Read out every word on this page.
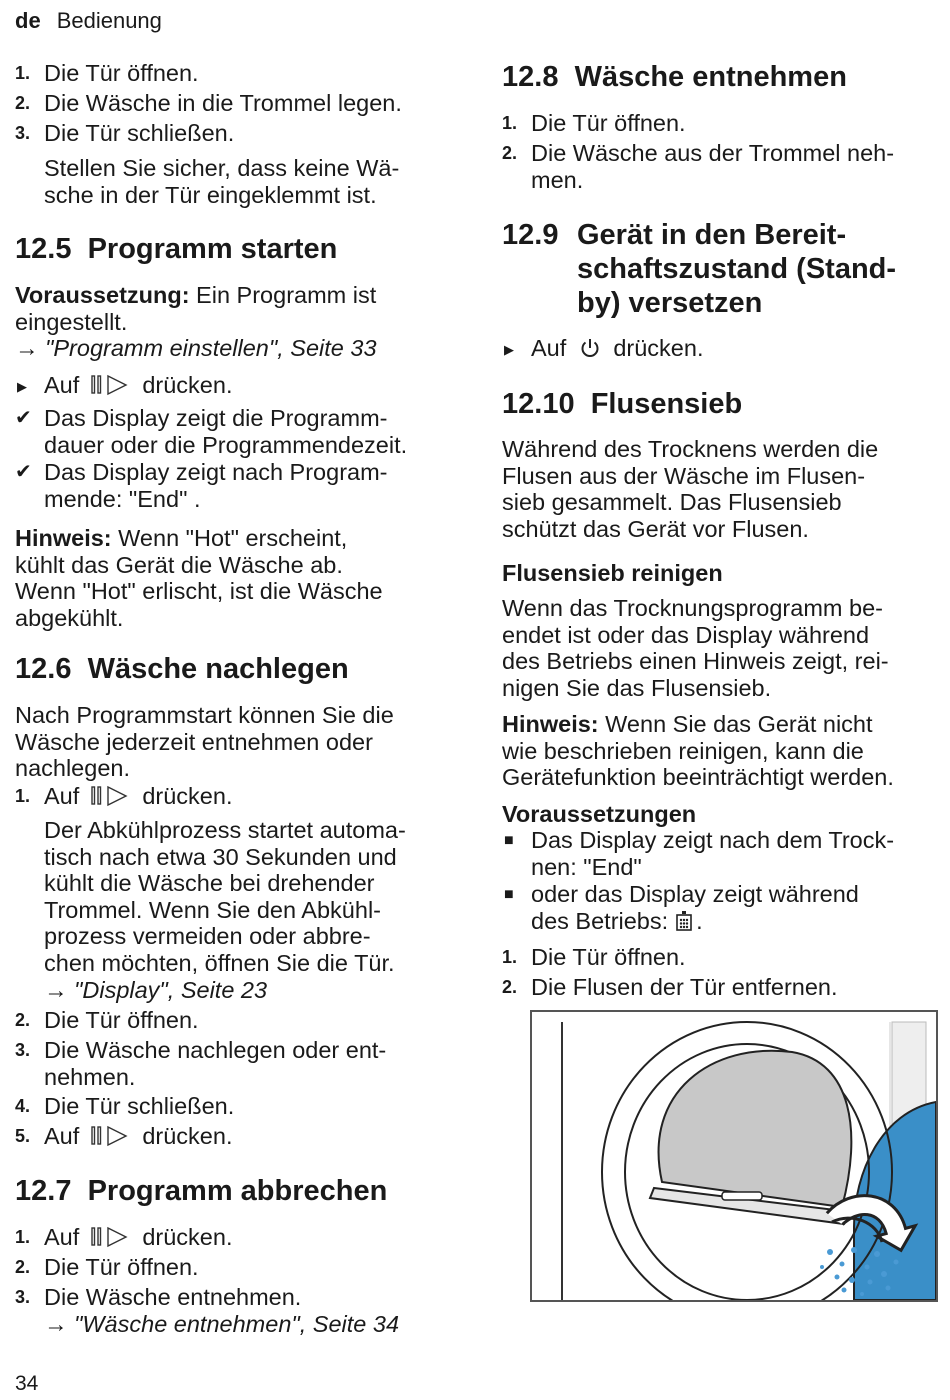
de Bedienung
1. Die Tür öffnen.
2. Die Wäsche in die Trommel legen.
3. Die Tür schließen.
Stellen Sie sicher, dass keine Wä-
sche in der Tür eingeklemmt ist.
12.5 Programm starten
Voraussetzung: Ein Programm ist
eingestellt.
→ "Programm einstellen", Seite 33
▶ Auf	drücken.
✔ Das Display zeigt die Programm-
dauer oder die Programmendezeit.
✔ Das Display zeigt nach Program-
mende: "End" .
Hinweis: Wenn "Hot" erscheint,
kühlt das Gerät die Wäsche ab.
Wenn "Hot" erlischt, ist die Wäsche
abgekühlt.
12.6 Wäsche nachlegen
Nach Programmstart können Sie die
Wäsche jederzeit entnehmen oder
nachlegen.
1. Auf	drücken.
Der Abkühlprozess startet automa-
tisch nach etwa 30 Sekunden und
kühlt die Wäsche bei drehender
Trommel. Wenn Sie den Abkühl-
prozess vermeiden oder abbre-
chen möchten, öffnen Sie die Tür.
→ "Display", Seite 23
2. Die Tür öffnen.
3. Die Wäsche nachlegen oder ent-
nehmen.
4. Die Tür schließen.
5. Auf	drücken.
12.7 Programm abbrechen
1. Auf	drücken.
2. Die Tür öffnen.
3. Die Wäsche entnehmen.
→ "Wäsche entnehmen", Seite 34
12.8 Wäsche entnehmen
1. Die Tür öffnen.
2. Die Wäsche aus der Trommel neh-
men.
12.9 Gerät in den Bereit-
schaftszustand (Stand-
by) versetzen
▶ Auf drücken.
12.10 Flusensieb
Während des Trocknens werden die
Flusen aus der Wäsche im Flusen-
sieb gesammelt. Das Flusensieb
schützt das Gerät vor Flusen.
Flusensieb reinigen
Wenn das Trocknungsprogramm be-
endet ist oder das Display während
des Betriebs einen Hinweis zeigt, rei-
nigen Sie das Flusensieb.
Hinweis: Wenn Sie das Gerät nicht
wie beschrieben reinigen, kann die
Gerätefunktion beeinträchtigt werden.
Voraussetzungen
■ Das Display zeigt nach dem Trock-
nen: "End"
■ oder das Display zeigt während
des Betriebs: .
1. Die Tür öffnen.
2. Die Flusen der Tür entfernen.
34
